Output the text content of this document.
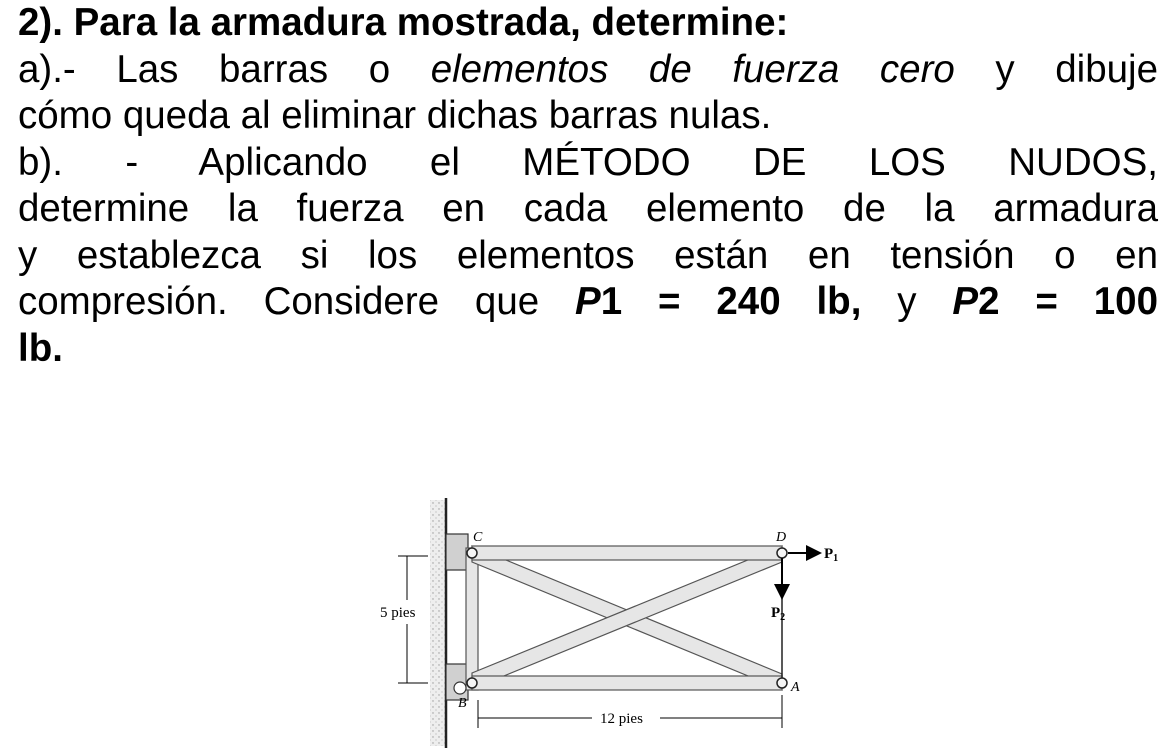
2). Para la armadura mostrada, determine:
a).- Las barras o elementos de fuerza cero y dibuje
cómo queda al eliminar dichas barras nulas.
b). - Aplicando el MÉTODO DE LOS NUDOS,
determine la fuerza en cada elemento de la armadura
y establezca si los elementos están en tensión o en
compresión. Considere que P1 = 240 lb, y P2 = 100
lb.
C	D
B
A
$P_1$
$P_2$
5 pies
12 pies
